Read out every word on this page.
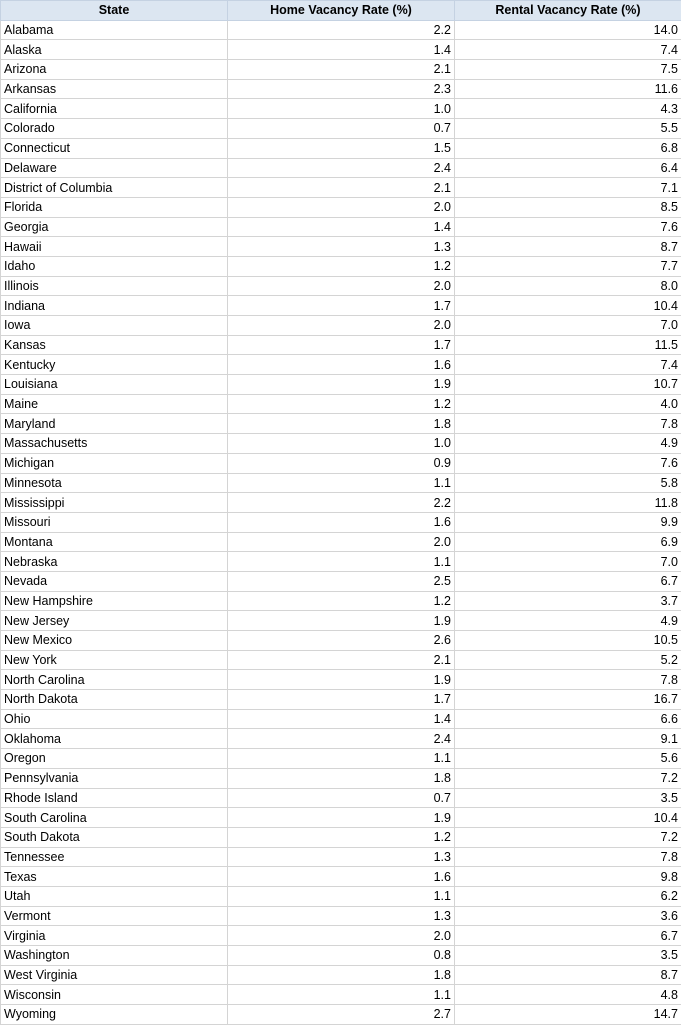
State	Home Vacancy Rate (%)	Rental Vacancy Rate (%)
Alabama	2.2	14.0
Alaska	1.4	7.4
Arizona	2.1	7.5
Arkansas	2.3	11.6
California	1.0	4.3
Colorado	0.7	5.5
Connecticut	1.5	6.8
Delaware	2.4	6.4
District of Columbia	2.1	7.1
Florida	2.0	8.5
Georgia	1.4	7.6
Hawaii	1.3	8.7
Idaho	1.2	7.7
Illinois	2.0	8.0
Indiana	1.7	10.4
Iowa	2.0	7.0
Kansas	1.7	11.5
Kentucky	1.6	7.4
Louisiana	1.9	10.7
Maine	1.2	4.0
Maryland	1.8	7.8
Massachusetts	1.0	4.9
Michigan	0.9	7.6
Minnesota	1.1	5.8
Mississippi	2.2	11.8
Missouri	1.6	9.9
Montana	2.0	6.9
Nebraska	1.1	7.0
Nevada	2.5	6.7
New Hampshire	1.2	3.7
New Jersey	1.9	4.9
New Mexico	2.6	10.5
New York	2.1	5.2
North Carolina	1.9	7.8
North Dakota	1.7	16.7
Ohio	1.4	6.6
Oklahoma	2.4	9.1
Oregon	1.1	5.6
Pennsylvania	1.8	7.2
Rhode Island	0.7	3.5
South Carolina	1.9	10.4
South Dakota	1.2	7.2
Tennessee	1.3	7.8
Texas	1.6	9.8
Utah	1.1	6.2
Vermont	1.3	3.6
Virginia	2.0	6.7
Washington	0.8	3.5
West Virginia	1.8	8.7
Wisconsin	1.1	4.8
Wyoming	2.7	14.7
